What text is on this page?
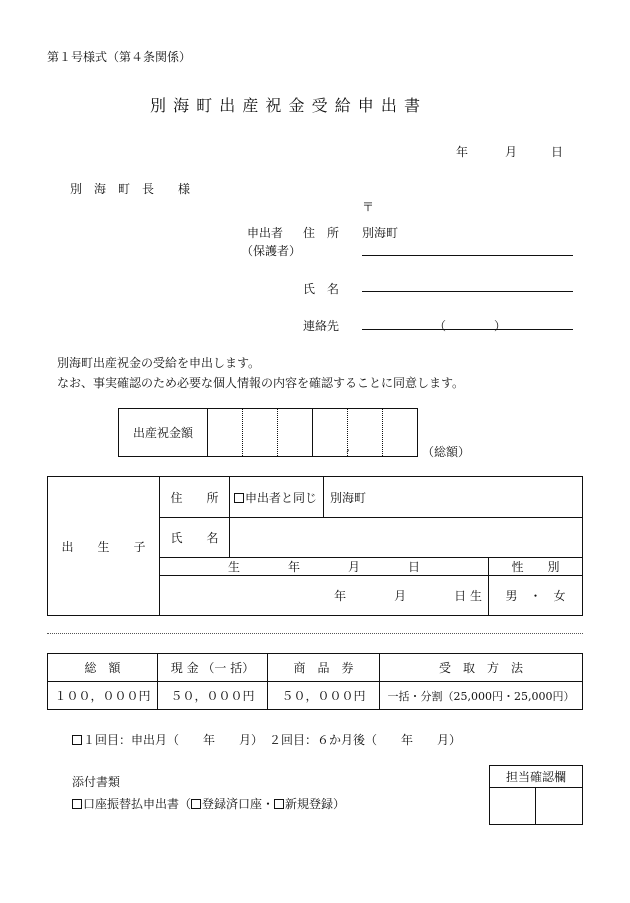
第１号様式（第４条関係）
別 海 町 出 産 祝 金 受 給 申 出 書
年	月	日
別　海　町　長　　様
〒
申出者
（保護者）
住　所 別海町
氏　名
連絡先	（　　　　）
別海町出産祝金の受給を申出します。
なお、事実確認のため必要な個人情報の内容を確認することに同意します。
出産祝金額				
,
			（総額）
出　　生　　子	住　　所	申出者と同じ	別海町	
	氏　　名			
	生　　　　年　　　　月　　　　日			性　　別
	年　　　　月　　　　日 生			男　・　女
総　額	現 金 （一 括）	商　品　券	受　取　方　法
１００，０００円	５０，０００円	５０，０００円	一括・分割（25,000円・25,000円）
１回目：申出月（　　年　　月）　２回目：６か月後（　　年　　月）
添付書類
口座振替払申出書（ 登録済口座・ 新規登録）
担当確認欄
